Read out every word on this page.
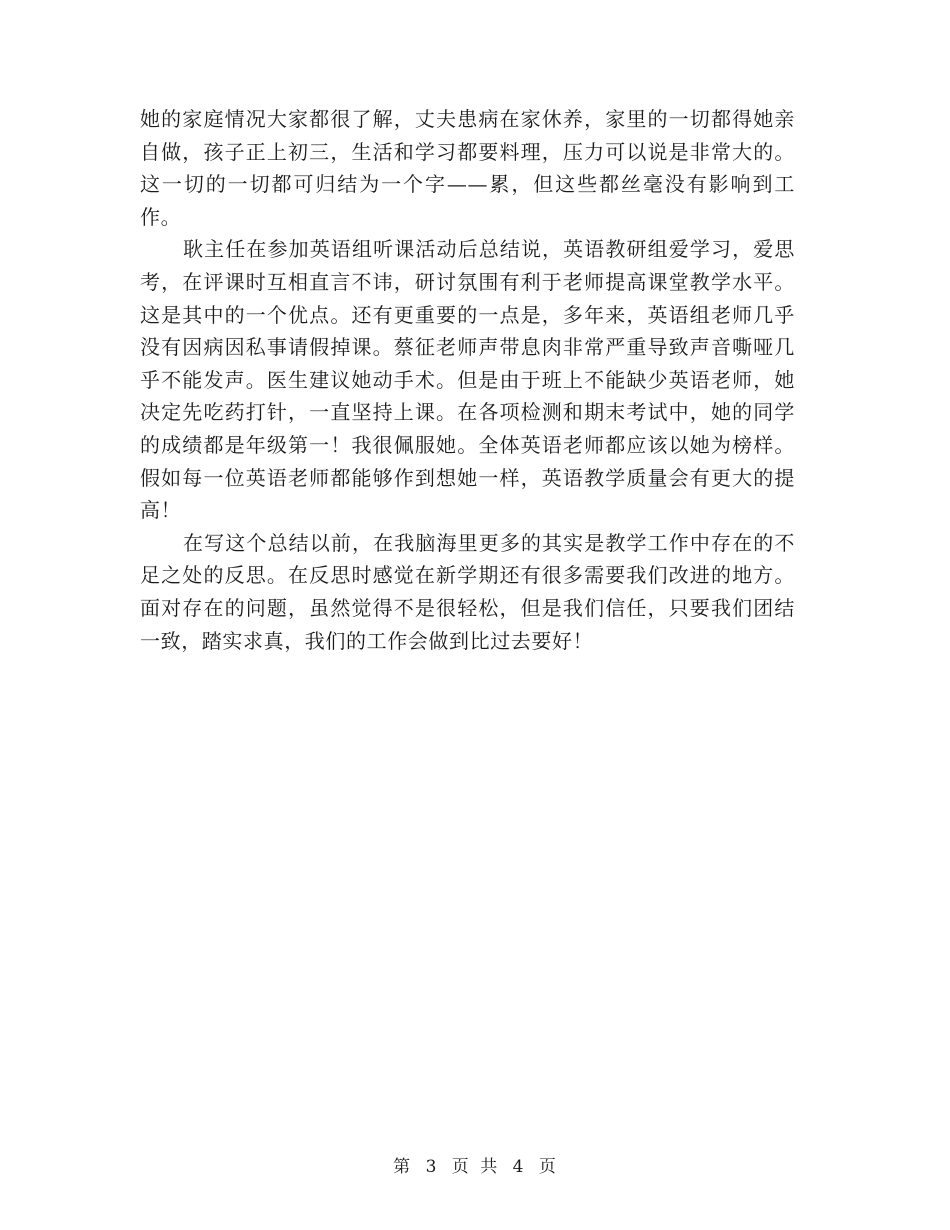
她的家庭情况大家都很了解，丈夫患病在家休养，家里的一切都得她亲自做，孩子正上初三，生活和学习都要料理，压力可以说是非常大的。这一切的一切都可归结为一个字——累，但这些都丝毫没有影响到工作。

耿主任在参加英语组听课活动后总结说，英语教研组爱学习，爱思考，在评课时互相直言不讳，研讨氛围有利于老师提高课堂教学水平。这是其中的一个优点。还有更重要的一点是，多年来，英语组老师几乎没有因病因私事请假掉课。蔡征老师声带息肉非常严重导致声音嘶哑几乎不能发声。医生建议她动手术。但是由于班上不能缺少英语老师，她决定先吃药打针，一直坚持上课。在各项检测和期末考试中，她的同学的成绩都是年级第一！我很佩服她。全体英语老师都应该以她为榜样。假如每一位英语老师都能够作到想她一样，英语教学质量会有更大的提高！

在写这个总结以前，在我脑海里更多的其实是教学工作中存在的不足之处的反思。在反思时感觉在新学期还有很多需要我们改进的地方。面对存在的问题，虽然觉得不是很轻松，但是我们信任，只要我们团结一致，踏实求真，我们的工作会做到比过去要好！

第 3 页 共 4 页
